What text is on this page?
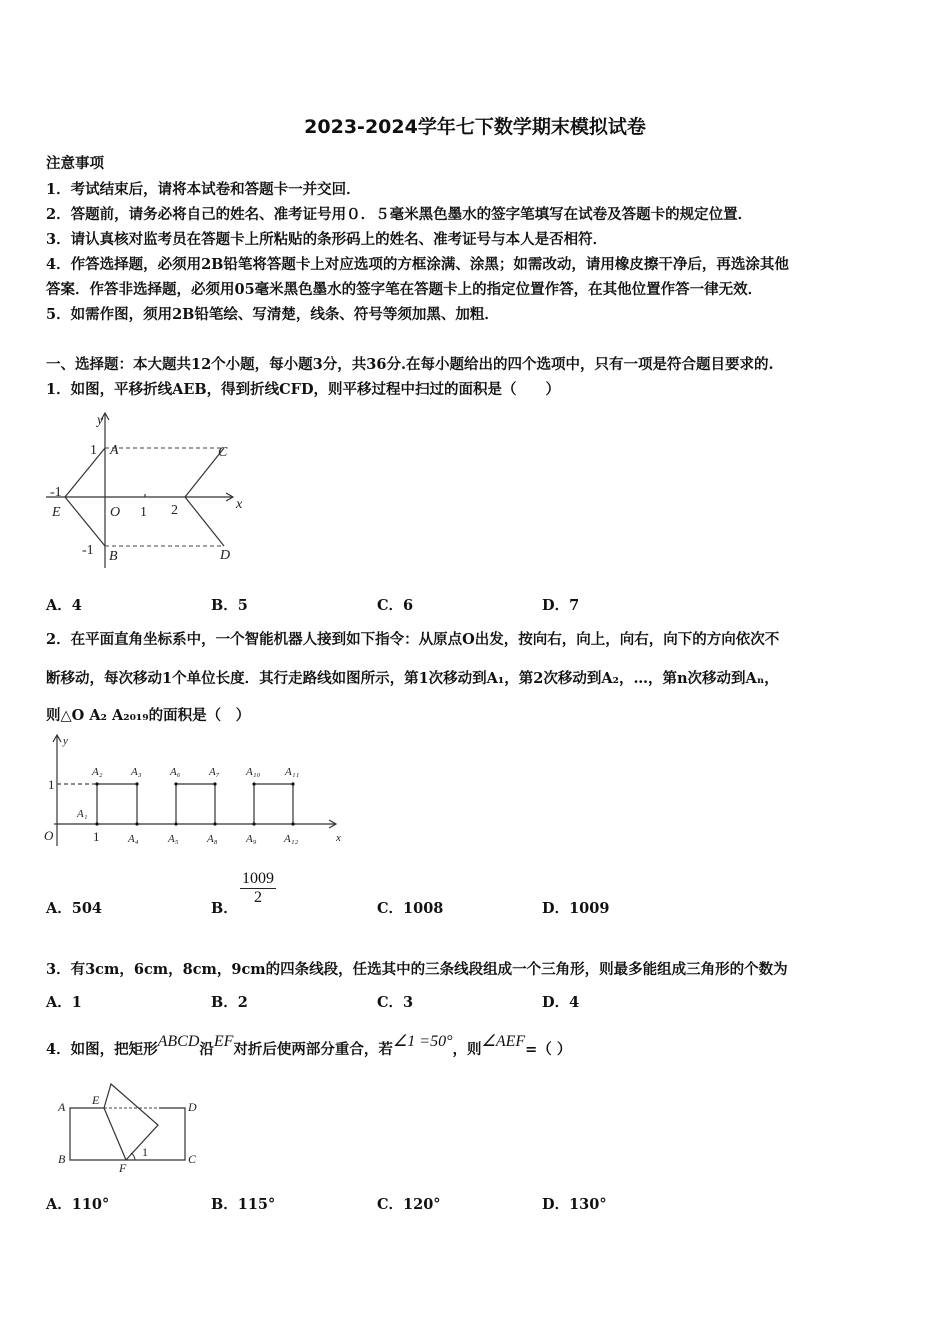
2023-2024学年七下数学期末模拟试卷
注意事项
1．考试结束后，请将本试卷和答题卡一并交回．
2．答题前，请务必将自己的姓名、准考证号用０．５毫米黑色墨水的签字笔填写在试卷及答题卡的规定位置．
3．请认真核对监考员在答题卡上所粘贴的条形码上的姓名、准考证号与本人是否相符．
4．作答选择题，必须用2B铅笔将答题卡上对应选项的方框涂满、涂黑；如需改动，请用橡皮擦干净后，再选涂其他
答案．作答非选择题，必须用05毫米黑色墨水的签字笔在答题卡上的指定位置作答，在其他位置作答一律无效．
5．如需作图，须用2B铅笔绘、写清楚，线条、符号等须加黑、加粗．
一、选择题：本大题共12个小题，每小题3分，共36分.在每小题给出的四个选项中，只有一项是符合题目要求的.
1．如图，平移折线AEB，得到折线CFD，则平移过程中扫过的面积是（　　）
y
x
A
B
C
D
E	O
1
-1
-1
1 2
A．4	B．5	C．6	D．7
2．在平面直角坐标系中，一个智能机器人接到如下指令：从原点O出发，按向右，向上，向右，向下的方向依次不
断移动，每次移动1个单位长度．其行走路线如图所示，第1次移动到A₁，第2次移动到A₂，…，第n次移动到Aₙ，
则△O A₂ A₂₀₁₉的面积是（　）
y
x
O
1
1
A₁
A₂	A₃	A₆	A₇ A₁₀ A₁₁
A₄	A₅	A₈	A₉ A₁₂
A．504	B．
$\frac{1009}{2}$
C．1008	D．1009
3．有3cm，6cm，8cm，9cm的四条线段，任选其中的三条线段组成一个三角形，则最多能组成三角形的个数为
A．1	B．2	C．3	D．4
4．如图，把矩形ABCD沿EF对折后使两部分重合，若∠1 =50°，则∠AEF=（ ）
A
B	C
D
E
F
1
A．110°	B．115°	C．120°	D．130°
